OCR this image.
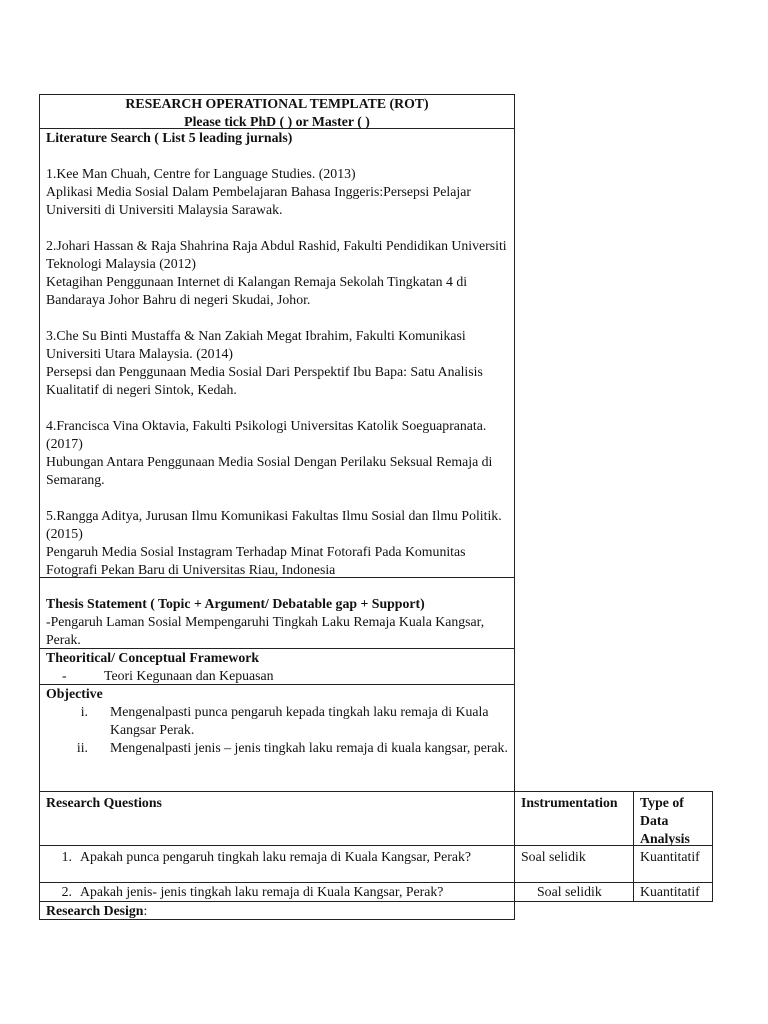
RESEARCH OPERATIONAL TEMPLATE (ROT)

Please tick PhD ( ) or Master ( )

Literature Search ( List 5 leading jurnals)

1.Kee Man Chuah, Centre for Language Studies. (2013)

Aplikasi Media Sosial Dalam Pembelajaran Bahasa Inggeris:Persepsi Pelajar Universiti di Universiti Malaysia Sarawak.

2.Johari Hassan & Raja Shahrina Raja Abdul Rashid, Fakulti Pendidikan Universiti Teknologi Malaysia (2012)

Ketagihan Penggunaan Internet di Kalangan Remaja Sekolah Tingkatan 4 di Bandaraya Johor Bahru di negeri Skudai, Johor.

3.Che Su Binti Mustaffa & Nan Zakiah Megat Ibrahim, Fakulti Komunikasi Universiti Utara Malaysia. (2014)

Persepsi dan Penggunaan Media Sosial Dari Perspektif Ibu Bapa: Satu Analisis Kualitatif di negeri Sintok, Kedah.

4.Francisca Vina Oktavia, Fakulti Psikologi Universitas Katolik Soeguapranata. (2017)

Hubungan Antara Penggunaan Media Sosial Dengan Perilaku Seksual Remaja di Semarang.

5.Rangga Aditya, Jurusan Ilmu Komunikasi Fakultas Ilmu Sosial dan Ilmu Politik. (2015)

Pengaruh Media Sosial Instagram Terhadap Minat Fotorafi Pada Komunitas Fotografi Pekan Baru di Universitas Riau, Indonesia

Thesis Statement ( Topic + Argument/ Debatable gap + Support)

-Pengaruh Laman Sosial Mempengaruhi Tingkah Laku Remaja Kuala Kangsar, Perak.

Theoritical/ Conceptual Framework

-	Teori Kegunaan dan Kepuasan

Objective

i.	Mengenalpasti punca pengaruh kepada tingkah laku remaja di Kuala Kangsar Perak.
ii.	Mengenalpasti jenis – jenis tingkah laku remaja di kuala kangsar, perak.

Research Questions	Instrumentation	Type of Data Analysis

1. Apakah punca pengaruh tingkah laku remaja di Kuala Kangsar, Perak?	Soal selidik	Kuantitatif
2. Apakah jenis- jenis tingkah laku remaja di Kuala Kangsar, Perak?	Soal selidik	Kuantitatif
Research Design:
